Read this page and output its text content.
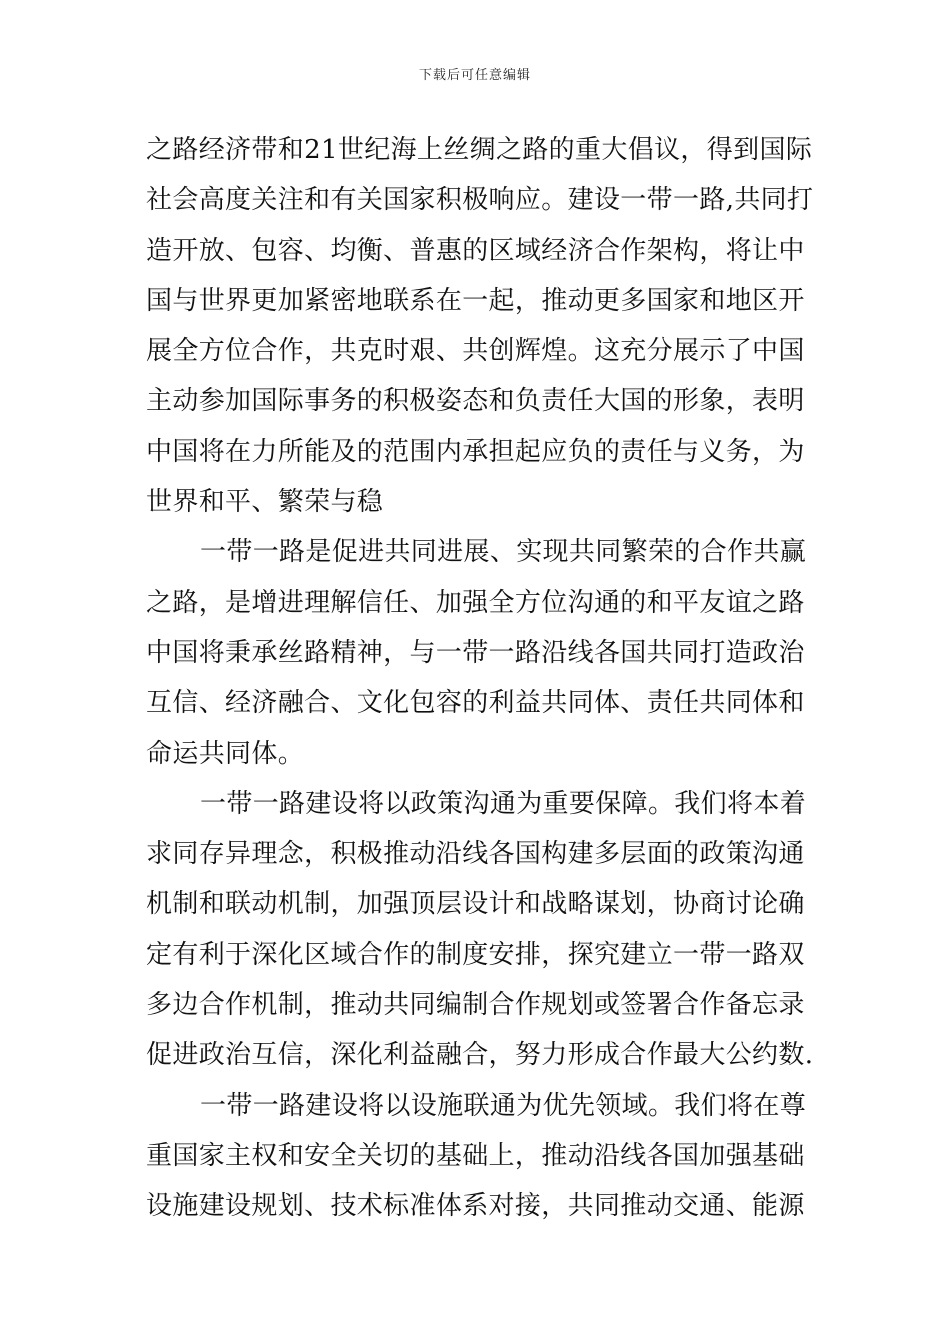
下载后可任意编辑
之路经济带和21世纪海上丝绸之路的重大倡议，得到国际
社会高度关注和有关国家积极响应。建设一带一路,共同打
造开放、包容、均衡、普惠的区域经济合作架构，将让中
国与世界更加紧密地联系在一起，推动更多国家和地区开
展全方位合作，共克时艰、共创辉煌。这充分展示了中国
主动参加国际事务的积极姿态和负责任大国的形象，表明
中国将在力所能及的范围内承担起应负的责任与义务，为
世界和平、繁荣与稳
一带一路是促进共同进展、实现共同繁荣的合作共赢
之路，是增进理解信任、加强全方位沟通的和平友谊之路
中国将秉承丝路精神，与一带一路沿线各国共同打造政治
互信、经济融合、文化包容的利益共同体、责任共同体和
命运共同体。
一带一路建设将以政策沟通为重要保障。我们将本着
求同存异理念，积极推动沿线各国构建多层面的政策沟通
机制和联动机制，加强顶层设计和战略谋划，协商讨论确
定有利于深化区域合作的制度安排，探究建立一带一路双
多边合作机制，推动共同编制合作规划或签署合作备忘录
促进政治互信，深化利益融合，努力形成合作最大公约数.
一带一路建设将以设施联通为优先领域。我们将在尊
重国家主权和安全关切的基础上，推动沿线各国加强基础
设施建设规划、技术标准体系对接，共同推动交通、能源
